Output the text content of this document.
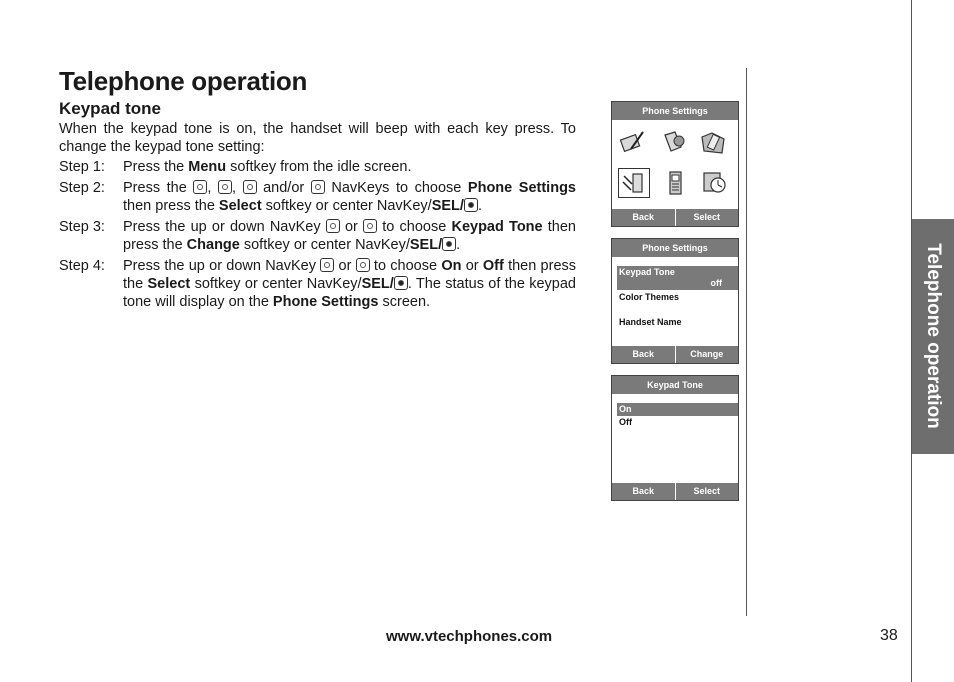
Telephone operation
Keypad tone

When the keypad tone is on, the handset will beep with each key press. To change the keypad tone setting:

Step 1: Press the Menu softkey from the idle screen.
Step 2: Press the , ,  and/or  NavKeys to choose Phone Settings then press the Select softkey or center NavKey/SEL/ .
Step 3: Press the up or down NavKey  or  to choose Keypad Tone then press the Change softkey or center NavKey/SEL/ .
Step 4: Press the up or down NavKey  or  to choose On or Off then press the Select softkey or center NavKey/SEL/ . The status of the keypad tone will display on the Phone Settings screen.	Telephone operation
Phone Settings
Back	Select
Phone Settings
Keypad Tone
off
Color Themes
Handset Name
Back	Change
Keypad Tone
On
Off
Back	Select
www.vtechphones.com	38
